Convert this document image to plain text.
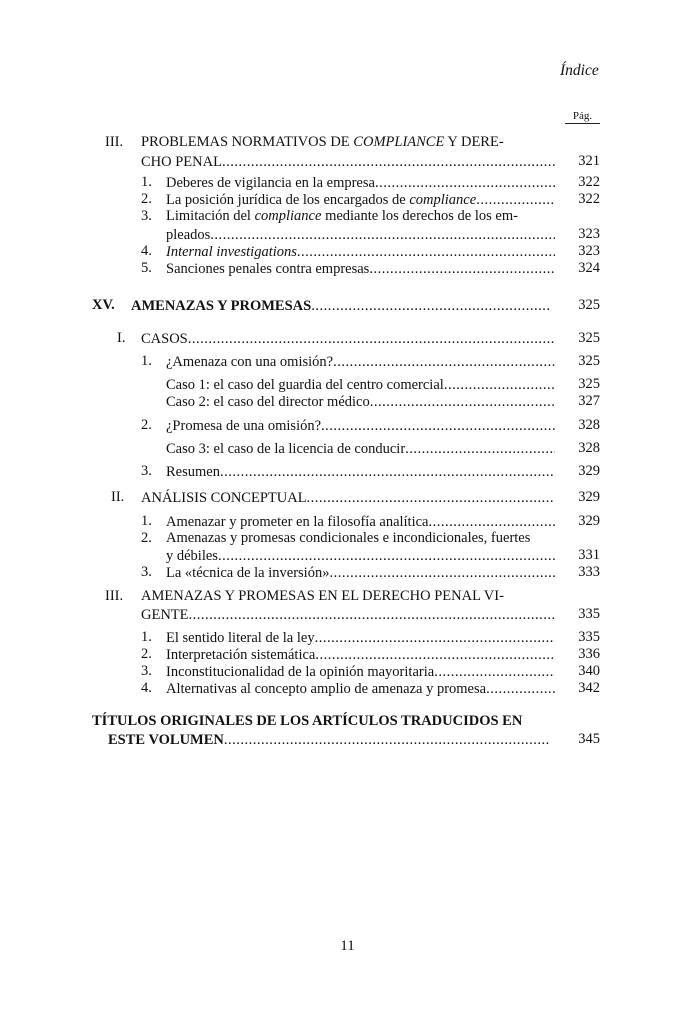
Índice
Pág.
III. PROBLEMAS NORMATIVOS DE COMPLIANCE Y DERE-
CHO PENAL .....	321
1. Deberes de vigilancia en la empresa .....	322
2. La posición jurídica de los encargados de compliance .....	322
3. Limitación del compliance mediante los derechos de los em-
pleados .....	323
4. Internal investigations .....	323
5. Sanciones penales contra empresas .....	324
XV. AMENAZAS Y PROMESAS .....	325
I. CASOS .....	325
1. ¿Amenaza con una omisión? .....	325
Caso 1: el caso del guardia del centro comercial .....	325
Caso 2: el caso del director médico .....	327
2. ¿Promesa de una omisión? .....	328
Caso 3: el caso de la licencia de conducir .....	328
3. Resumen .....	329
II. ANÁLISIS CONCEPTUAL .....	329
1. Amenazar y prometer en la filosofía analítica .....	329
2. Amenazas y promesas condicionales e incondicionales, fuertes
y débiles .....	331
3. La «técnica de la inversión» .....	333
III. AMENAZAS Y PROMESAS EN EL DERECHO PENAL VI-
GENTE .....	335
1. El sentido literal de la ley .....	335
2. Interpretación sistemática .....	336
3. Inconstitucionalidad de la opinión mayoritaria .....	340
4. Alternativas al concepto amplio de amenaza y promesa .....	342
TÍTULOS ORIGINALES DE LOS ARTÍCULOS TRADUCIDOS EN
ESTE VOLUMEN .....	345
11
